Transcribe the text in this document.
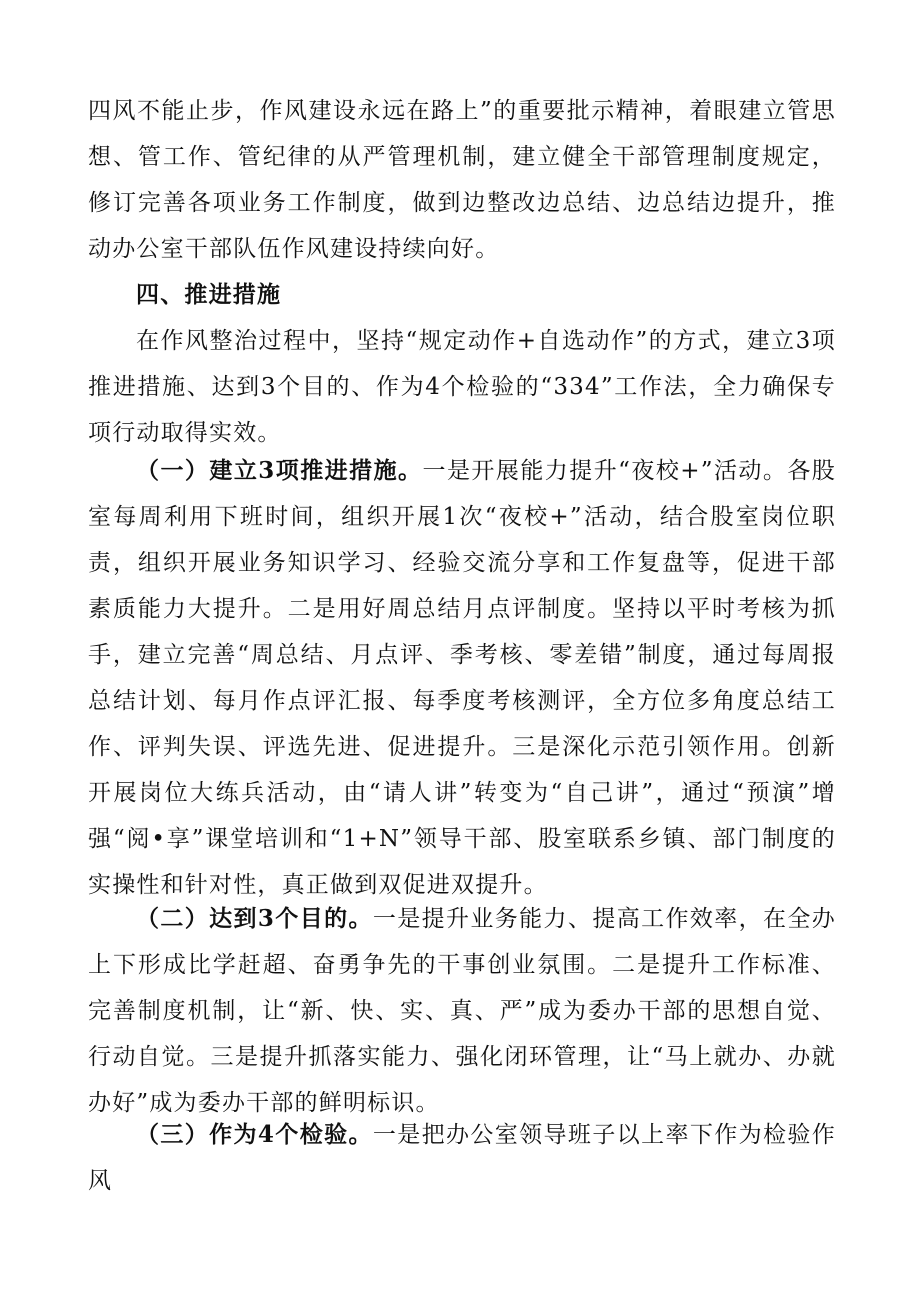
四风不能止步，作风建设永远在路上”的重要批示精神，着眼建立管思想、管工作、管纪律的从严管理机制，建立健全干部管理制度规定，修订完善各项业务工作制度，做到边整改边总结、边总结边提升，推动办公室干部队伍作风建设持续向好。

四、推进措施

在作风整治过程中，坚持“规定动作+自选动作”的方式，建立3项推进措施、达到3个目的、作为4个检验的“334”工作法，全力确保专项行动取得实效。

（一）建立3项推进措施。一是开展能力提升“夜校+”活动。各股室每周利用下班时间，组织开展1次“夜校+”活动，结合股室岗位职责，组织开展业务知识学习、经验交流分享和工作复盘等，促进干部素质能力大提升。二是用好周总结月点评制度。坚持以平时考核为抓手，建立完善“周总结、月点评、季考核、零差错”制度，通过每周报总结计划、每月作点评汇报、每季度考核测评，全方位多角度总结工作、评判失误、评选先进、促进提升。三是深化示范引领作用。创新开展岗位大练兵活动，由“请人讲”转变为“自己讲”，通过“预演”增强“阅•享”课堂培训和“1+N”领导干部、股室联系乡镇、部门制度的实操性和针对性，真正做到双促进双提升。

（二）达到3个目的。一是提升业务能力、提高工作效率，在全办上下形成比学赶超、奋勇争先的干事创业氛围。二是提升工作标准、完善制度机制，让“新、快、实、真、严”成为委办干部的思想自觉、行动自觉。三是提升抓落实能力、强化闭环管理，让“马上就办、办就办好”成为委办干部的鲜明标识。

（三）作为4个检验。一是把办公室领导班子以上率下作为检验作风
